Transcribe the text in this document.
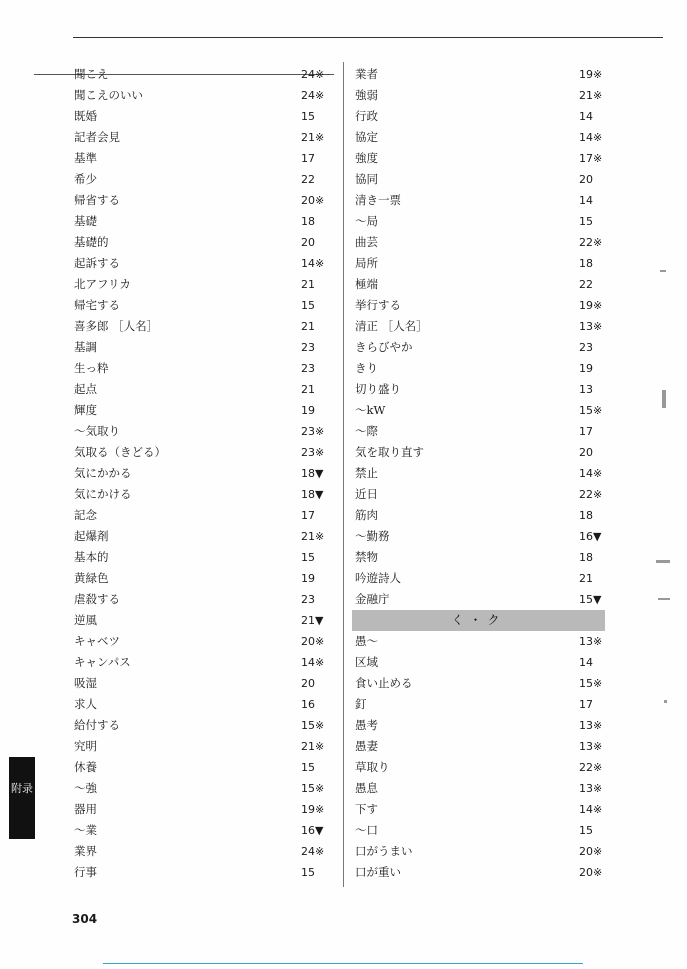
聞こえ	24※
聞こえのいい	24※
既婚	15
記者会見	21※
基準	17
希少	22
帰省する	20※
基礎	18
基礎的	20
起訴する	14※
北アフリカ	21
帰宅する	15
喜多郎 ［人名］	21
基調	23
生っ粋	23
起点	21
輝度	19
～気取り	23※
気取る（きどる）	23※
気にかかる	18▼
気にかける	18▼
記念	17
起爆剤	21※
基本的	15
黄緑色	19
虐殺する	23
逆風	21▼
キャベツ	20※
キャンパス	14※
吸湿	20
求人	16
給付する	15※
究明	21※
休養	15
～強	15※
器用	19※
～業	16▼
業界	24※
行事	15
業者	19※
強弱	21※
行政	14
協定	14※
強度	17※
協同	20
清き一票	14
～局	15
曲芸	22※
局所	18
極端	22
挙行する	19※
清正 ［人名］	13※
きらびやか	23
きり	19
切り盛り	13
～kW	15※
～際	17
気を取り直す	20
禁止	14※
近日	22※
筋肉	18
～勤務	16▼
禁物	18
吟遊詩人	21
金融庁	15▼
く・ク
愚～	13※
区域	14
食い止める	15※
釘	17
愚考	13※
愚妻	13※
草取り	22※
愚息	13※
下す	14※
～口	15
口がうまい	20※
口が重い	20※
附录
304
